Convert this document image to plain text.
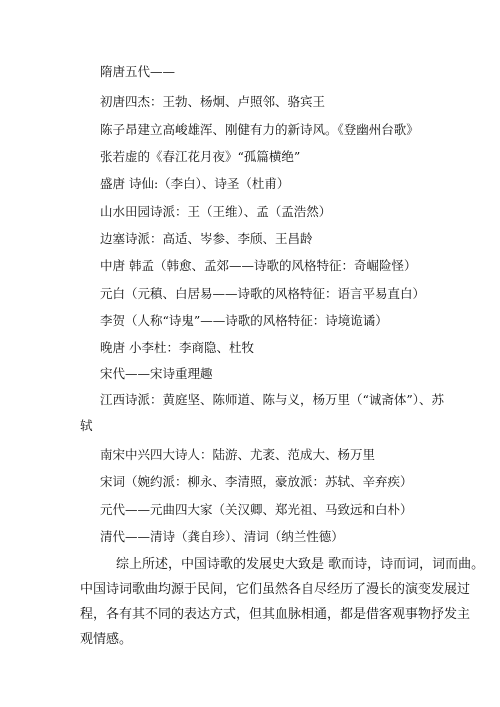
隋唐五代——
初唐四杰：王勃、杨炯、卢照邻、骆宾王
陈子昂建立高峻雄浑、刚健有力的新诗风。《登幽州台歌》
张若虚的《春江花月夜》“孤篇横绝”
盛唐 诗仙:（李白）、诗圣（杜甫）
山水田园诗派：王（王维）、孟（孟浩然）
边塞诗派：高适、岑参、李颀、王昌龄
中唐 韩孟（韩愈、孟郊——诗歌的风格特征：奇崛险怪）
元白（元稹、白居易——诗歌的风格特征：语言平易直白）
李贺（人称“诗鬼”——诗歌的风格特征：诗境诡谲）
晚唐 小李杜：李商隐、杜牧
宋代——宋诗重理趣
江西诗派：黄庭坚、陈师道、陈与义，杨万里（“诚斋体”）、苏
轼
南宋中兴四大诗人：陆游、尤袤、范成大、杨万里
宋词（婉约派：柳永、李清照，豪放派：苏轼、辛弃疾）
元代——元曲四大家（关汉卿、郑光祖、马致远和白朴）
清代——清诗（龚自珍）、清词（纳兰性德）
综上所述，中国诗歌的发展史大致是 歌而诗，诗而词，词而曲。
中国诗词歌曲均源于民间，它们虽然各自尽经历了漫长的演变发展过
程，各有其不同的表达方式，但其血脉相通，都是借客观事物抒发主
观情感。
